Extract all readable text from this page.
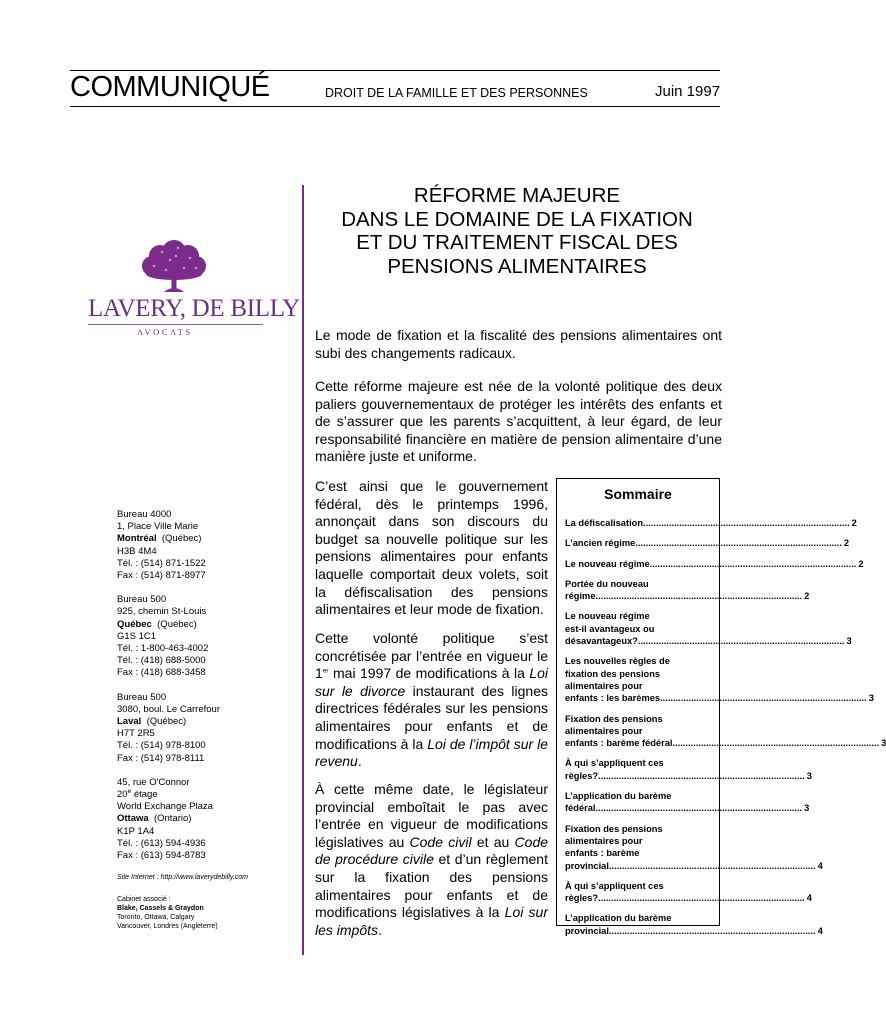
COMMUNIQUÉ	DROIT DE LA FAMILLE ET DES PERSONNES	Juin 1997
LAVERY, DE BILLY
AVOCATS
Bureau 4000
1, Place Ville Marie
Montréal (Québec)
H3B 4M4
Tél. : (514) 871-1522
Fax : (514) 871-8977
Bureau 500
925, chemin St-Louis
Québec (Québec)
G1S 1C1
Tél. : 1-800-463-4002
Tél. : (418) 688-5000
Fax : (418) 688-3458
Bureau 500
3080, boul. Le Carrefour
Laval (Québec)
H7T 2R5
Tél. : (514) 978-8100
Fax : (514) 978-8111
45, rue O'Connor
20e étage
World Exchange Plaza
Ottawa (Ontario)
K1P 1A4
Tél. : (613) 594-4936
Fax : (613) 594-8783
Site Internet : http://www.laverydebilly.com
Cabinet associé :
Blake, Cassels & Graydon
Toronto, Ottawa, Calgary
Vancouver, Londres (Angleterre)
RÉFORME MAJEURE
DANS LE DOMAINE DE LA FIXATION
ET DU TRAITEMENT FISCAL DES
PENSIONS ALIMENTAIRES
Le mode de fixation et la fiscalité des pensions alimentaires ont subi des changements radicaux.
Cette réforme majeure est née de la volonté politique des deux paliers gouvernementaux de protéger les intérêts des enfants et de s’assurer que les parents s’acquittent, à leur égard, de leur responsabilité financière en matière de pension alimentaire d’une manière juste et uniforme.
C’est ainsi que le gouvernement fédéral, dès le printemps 1996, annonçait dans son discours du budget sa nouvelle politique sur les pensions alimentaires pour enfants laquelle comportait deux volets, soit la défiscalisation des pensions alimentaires et leur mode de fixation.
Cette volonté politique s’est concrétisée par l’entrée en vigueur le 1er mai 1997 de modifications à la Loi sur le divorce instaurant des lignes directrices fédérales sur les pensions alimentaires pour enfants et de modifications à la Loi de l’impôt sur le revenu.
À cette même date, le législateur provincial emboîtait le pas avec l’entrée en vigueur de modifications législatives au Code civil et au Code de procédure civile et d’un règlement sur la fixation des pensions alimentaires pour enfants et de modifications législatives à la Loi sur les impôts.
Sommaire
La défiscalisation ................................................................................ 2
L’ancien régime ................................................................................ 2
Le nouveau régime ................................................................................ 2
Portée du nouveau
régime ................................................................................ 2
Le nouveau régime
est-il avantageux ou
désavantageux? ................................................................................ 3
Les nouvelles règles de
fixation des pensions
alimentaires pour
enfants : les barèmes ................................................................................ 3
Fixation des pensions
alimentaires pour
enfants : barème fédéral ................................................................................ 3
À qui s’appliquent ces
règles? ................................................................................ 3
L’application du barème
fédéral ................................................................................ 3
Fixation des pensions
alimentaires pour
enfants : barème
provincial ................................................................................ 4
À qui s’appliquent ces
règles? ................................................................................ 4
L’application du barème
provincial ................................................................................ 4
